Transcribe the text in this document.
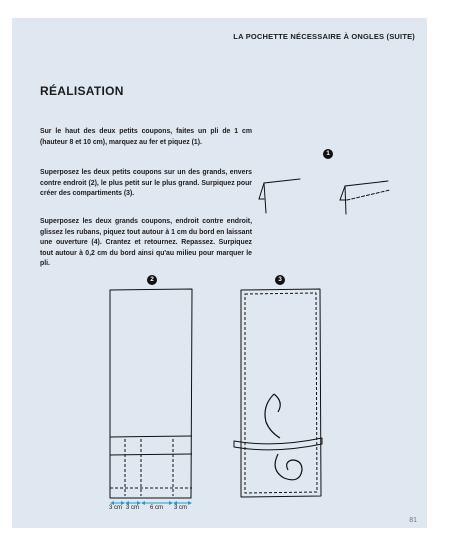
LA POCHETTE NÉCESSAIRE À ONGLES (SUITE)
RÉALISATION

Sur le haut des deux petits coupons, faites un pli de 1 cm (hauteur 8 et 10 cm), marquez au fer et piquez (1).

Superposez les deux petits coupons sur un des grands, envers contre endroit (2), le plus petit sur le plus grand. Surpiquez pour créer des compartiments (3).

Superposez les deux grands coupons, endroit contre endroit, glissez les rubans, piquez tout autour à 1 cm du bord en laissant une ouverture (4). Crantez et retournez. Repassez. Surpiquez tout autour à 0,2 cm du bord ainsi qu'au milieu pour marquer le pli.

1
2	3
3 cm 3 cm 6 cm 3 cm
81
